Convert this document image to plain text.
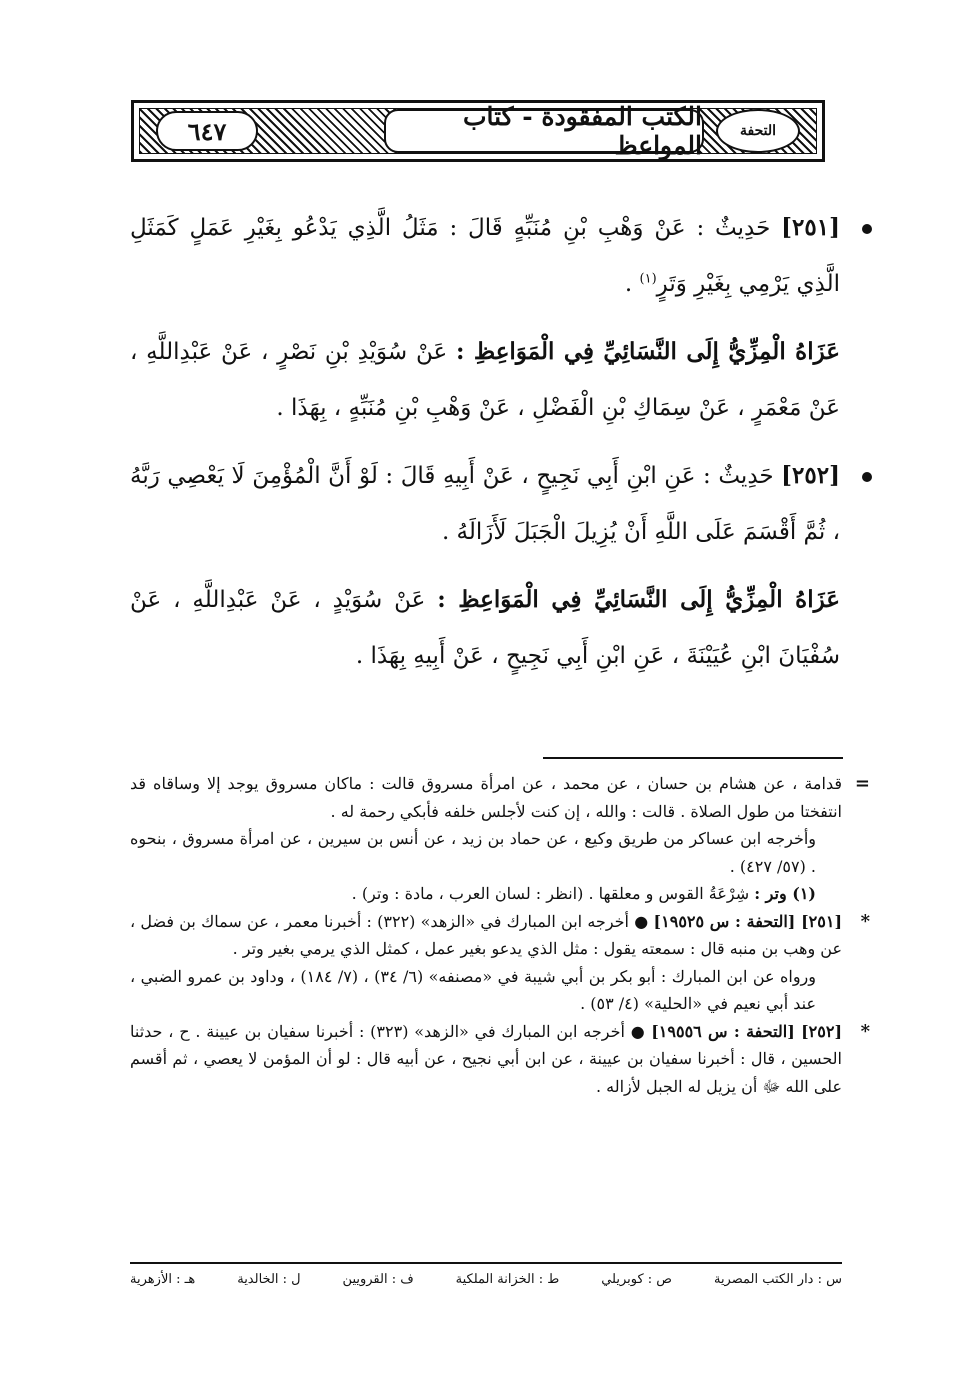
التحفة
الكتب المفقودة - كتاب المواعظ
٦٤٧

[٢٥١] حَدِيثٌ : عَنْ وَهْبِ بْنِ مُنَبِّهٍ قَالَ : مَثَلُ الَّذِي يَدْعُو بِغَيْرِ عَمَلٍ كَمَثَلِ الَّذِي يَرْمِي بِغَيْرِ وَتَرٍ$^{(١)}$ .

عَزَاهُ الْمِزِّيُّ إِلَى النَّسَائِيِّ فِي الْمَوَاعِظِ : عَنْ سُوَيْدِ بْنِ نَصْرٍ ، عَنْ عَبْدِاللَّهِ ، عَنْ مَعْمَرٍ ، عَنْ سِمَاكِ بْنِ الْفَضْلِ ، عَنْ وَهْبِ بْنِ مُنَبِّهٍ ، بِهَذَا .

[٢٥٢] حَدِيثٌ : عَنِ ابْنِ أَبِي نَجِيحٍ ، عَنْ أَبِيهِ قَالَ : لَوْ أَنَّ الْمُؤْمِنَ لَا يَعْصِي رَبَّهُ ، ثُمَّ أَقْسَمَ عَلَى اللَّهِ أَنْ يُزِيلَ الْجَبَلَ لَأَزَالَهُ .

عَزَاهُ الْمِزِّيُّ إِلَى النَّسَائِيِّ فِي الْمَوَاعِظِ : عَنْ سُوَيْدٍ ، عَنْ عَبْدِاللَّهِ ، عَنْ سُفْيَانَ ابْنِ عُيَيْنَةَ ، عَنِ ابْنِ أَبِي نَجِيحٍ ، عَنْ أَبِيهِ بِهَذَا .

=
قدامة ، عن هشام بن حسان ، عن محمد ، عن امرأة مسروق قالت : ماكان مسروق يوجد إلا وساقاه قد انتفختا من طول الصلاة . قالت : والله ، إن كنت لأجلس خلفه فأبكي رحمة له .

وأخرجه ابن عساكر من طريق وكيع ، عن حماد بن زيد ، عن أنس بن سيرين ، عن امرأة مسروق ، بنحوه . (٥٧/ ٤٢٧) .

(١) وتر : شِرْعَةُ القوس و معلقها . (انظر : لسان العرب ، مادة : وتر) .

*
[٢٥١] [التحفة : س ١٩٥٢٥] ● أخرجه ابن المبارك في «الزهد» (٣٢٢) : أخبرنا معمر ، عن سماك بن فضل ، عن وهب بن منبه قال : سمعته يقول : مثل الذي يدعو بغير عمل ، كمثل الذي يرمي بغير وتر .

ورواه عن ابن المبارك : أبو بكر بن أبي شيبة في «مصنفه» (٦/ ٣٤) ، (٧/ ١٨٤) ، وداود بن عمرو الضبي ، عند أبي نعيم في «الحلية» (٤/ ٥٣) .

*
[٢٥٢] [التحفة : س ١٩٥٥٦] ● أخرجه ابن المبارك في «الزهد» (٣٢٣) : أخبرنا سفيان بن عيينة . ح ، حدثنا الحسين ، قال : أخبرنا سفيان بن عيينة ، عن ابن أبي نجيح ، عن أبيه قال : لو أن المؤمن لا يعصي ، ثم أقسم على الله ﷻ أن يزيل له الجبل لأزاله .

س : دار الكتب المصرية
ص : كوبريلي
ط : الخزانة الملكية
ف : القرويين
ل : الخالدية
هـ : الأزهرية
